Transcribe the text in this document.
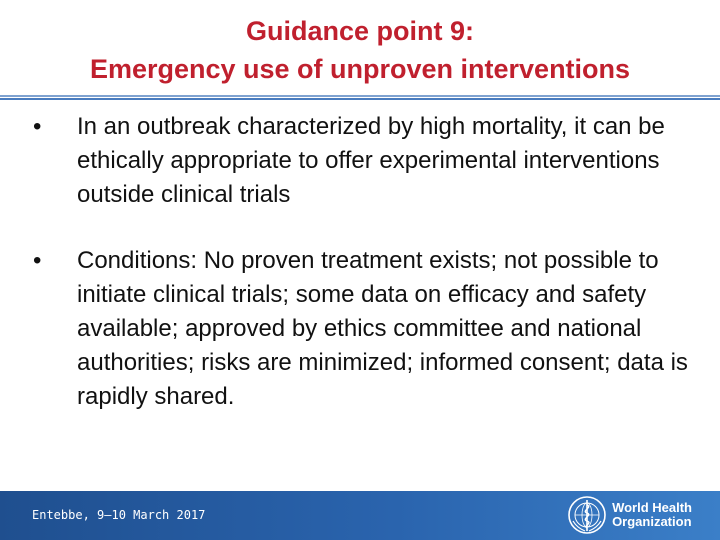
Guidance point 9:
Emergency use of unproven interventions
•	In an outbreak characterized by high mortality, it can be ethically appropriate to offer experimental interventions outside clinical trials
•	Conditions: No proven treatment exists; not possible to initiate clinical trials; some data on efficacy and safety available; approved by ethics committee and national authorities; risks are minimized; informed consent; data is rapidly shared.
Entebbe, 9–10 March 2017	World Health
Organization
